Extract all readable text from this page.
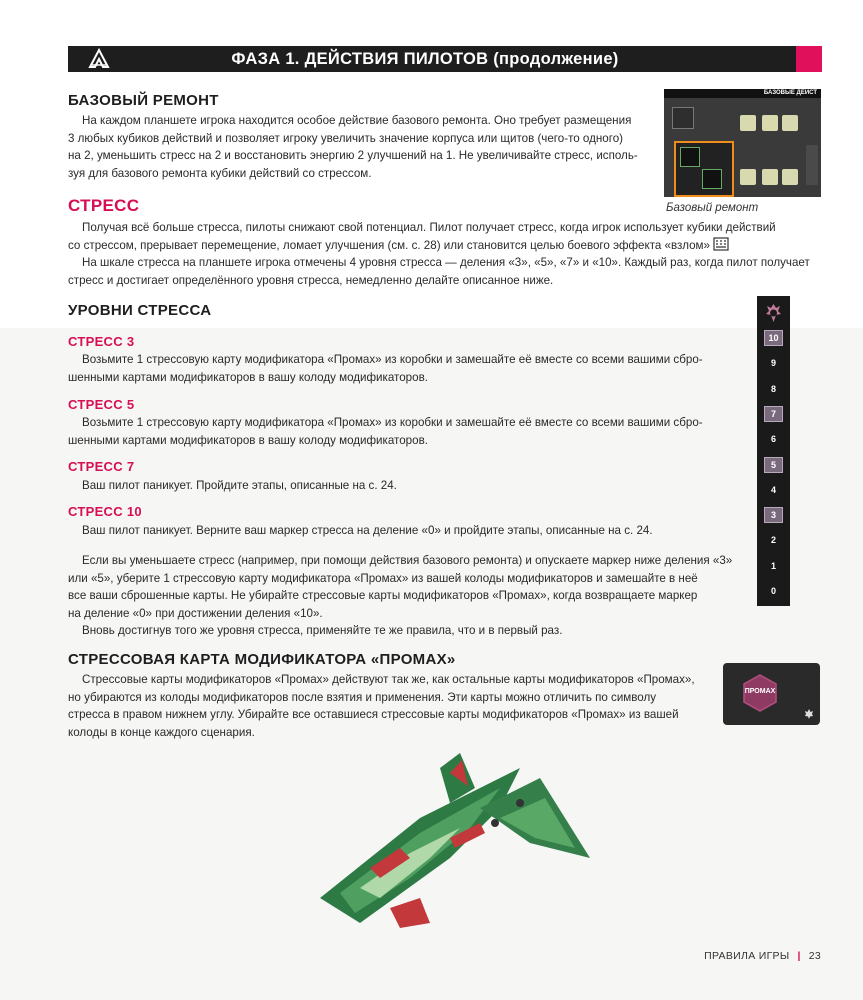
ФАЗА 1. ДЕЙСТВИЯ ПИЛОТОВ (продолжение)
БАЗОВЫЙ РЕМОНТ
На каждом планшете игрока находится особое действие базового ремонта. Оно требует размещения
3 любых кубиков действий и позволяет игроку увеличить значение корпуса или щитов (чего-то одного)
на 2, уменьшить стресс на 2 и восстановить энергию 2 улучшений на 1. Не увеличивайте стресс, исполь-
зуя для базового ремонта кубики действий со стрессом.
БАЗОВЫЕ ДЕЙСТ
Базовый ремонт
СТРЕСС
Получая всё больше стресса, пилоты снижают свой потенциал. Пилот получает стресс, когда игрок использует кубики действий
со стрессом, прерывает перемещение, ломает улучшения (см. с. 28) или становится целью боевого эффекта «взлом»
На шкале стресса на планшете игрока отмечены 4 уровня стресса — деления «3», «5», «7» и «10». Каждый раз, когда пилот получает
стресс и достигает определённого уровня стресса, немедленно делайте описанное ниже.
УРОВНИ СТРЕССА
СТРЕСС 3
Возьмите 1 стрессовую карту модификатора «Промах» из коробки и замешайте её вместе со всеми вашими сбро-
шенными картами модификаторов в вашу колоду модификаторов.
СТРЕСС 5
Возьмите 1 стрессовую карту модификатора «Промах» из коробки и замешайте её вместе со всеми вашими сбро-
шенными картами модификаторов в вашу колоду модификаторов.
СТРЕСС 7
Ваш пилот паникует. Пройдите этапы, описанные на с. 24.
СТРЕСС 10
Ваш пилот паникует. Верните ваш маркер стресса на деление «0» и пройдите этапы, описанные на с. 24.
Если вы уменьшаете стресс (например, при помощи действия базового ремонта) и опускаете маркер ниже деления «3»
или «5», уберите 1 стрессовую карту модификатора «Промах» из вашей колоды модификаторов и замешайте в неё
все ваши сброшенные карты. Не убирайте стрессовые карты модификаторов «Промах», когда возвращаете маркер
на деление «0» при достижении деления «10».
Вновь достигнув того же уровня стресса, применяйте те же правила, что и в первый раз.
10
9
8
7
6
5
4
3
2
1
0
СТРЕССОВАЯ КАРТА МОДИФИКАТОРА «ПРОМАХ»
Стрессовые карты модификаторов «Промах» действуют так же, как остальные карты модификаторов «Промах»,
но убираются из колоды модификаторов после взятия и применения. Эти карты можно отличить по символу
стресса в правом нижнем углу. Убирайте все оставшиеся стрессовые карты модификаторов «Промах» из вашей
колоды в конце каждого сценария.
ПРОМАХ
ПРАВИЛА ИГРЫ | 23
